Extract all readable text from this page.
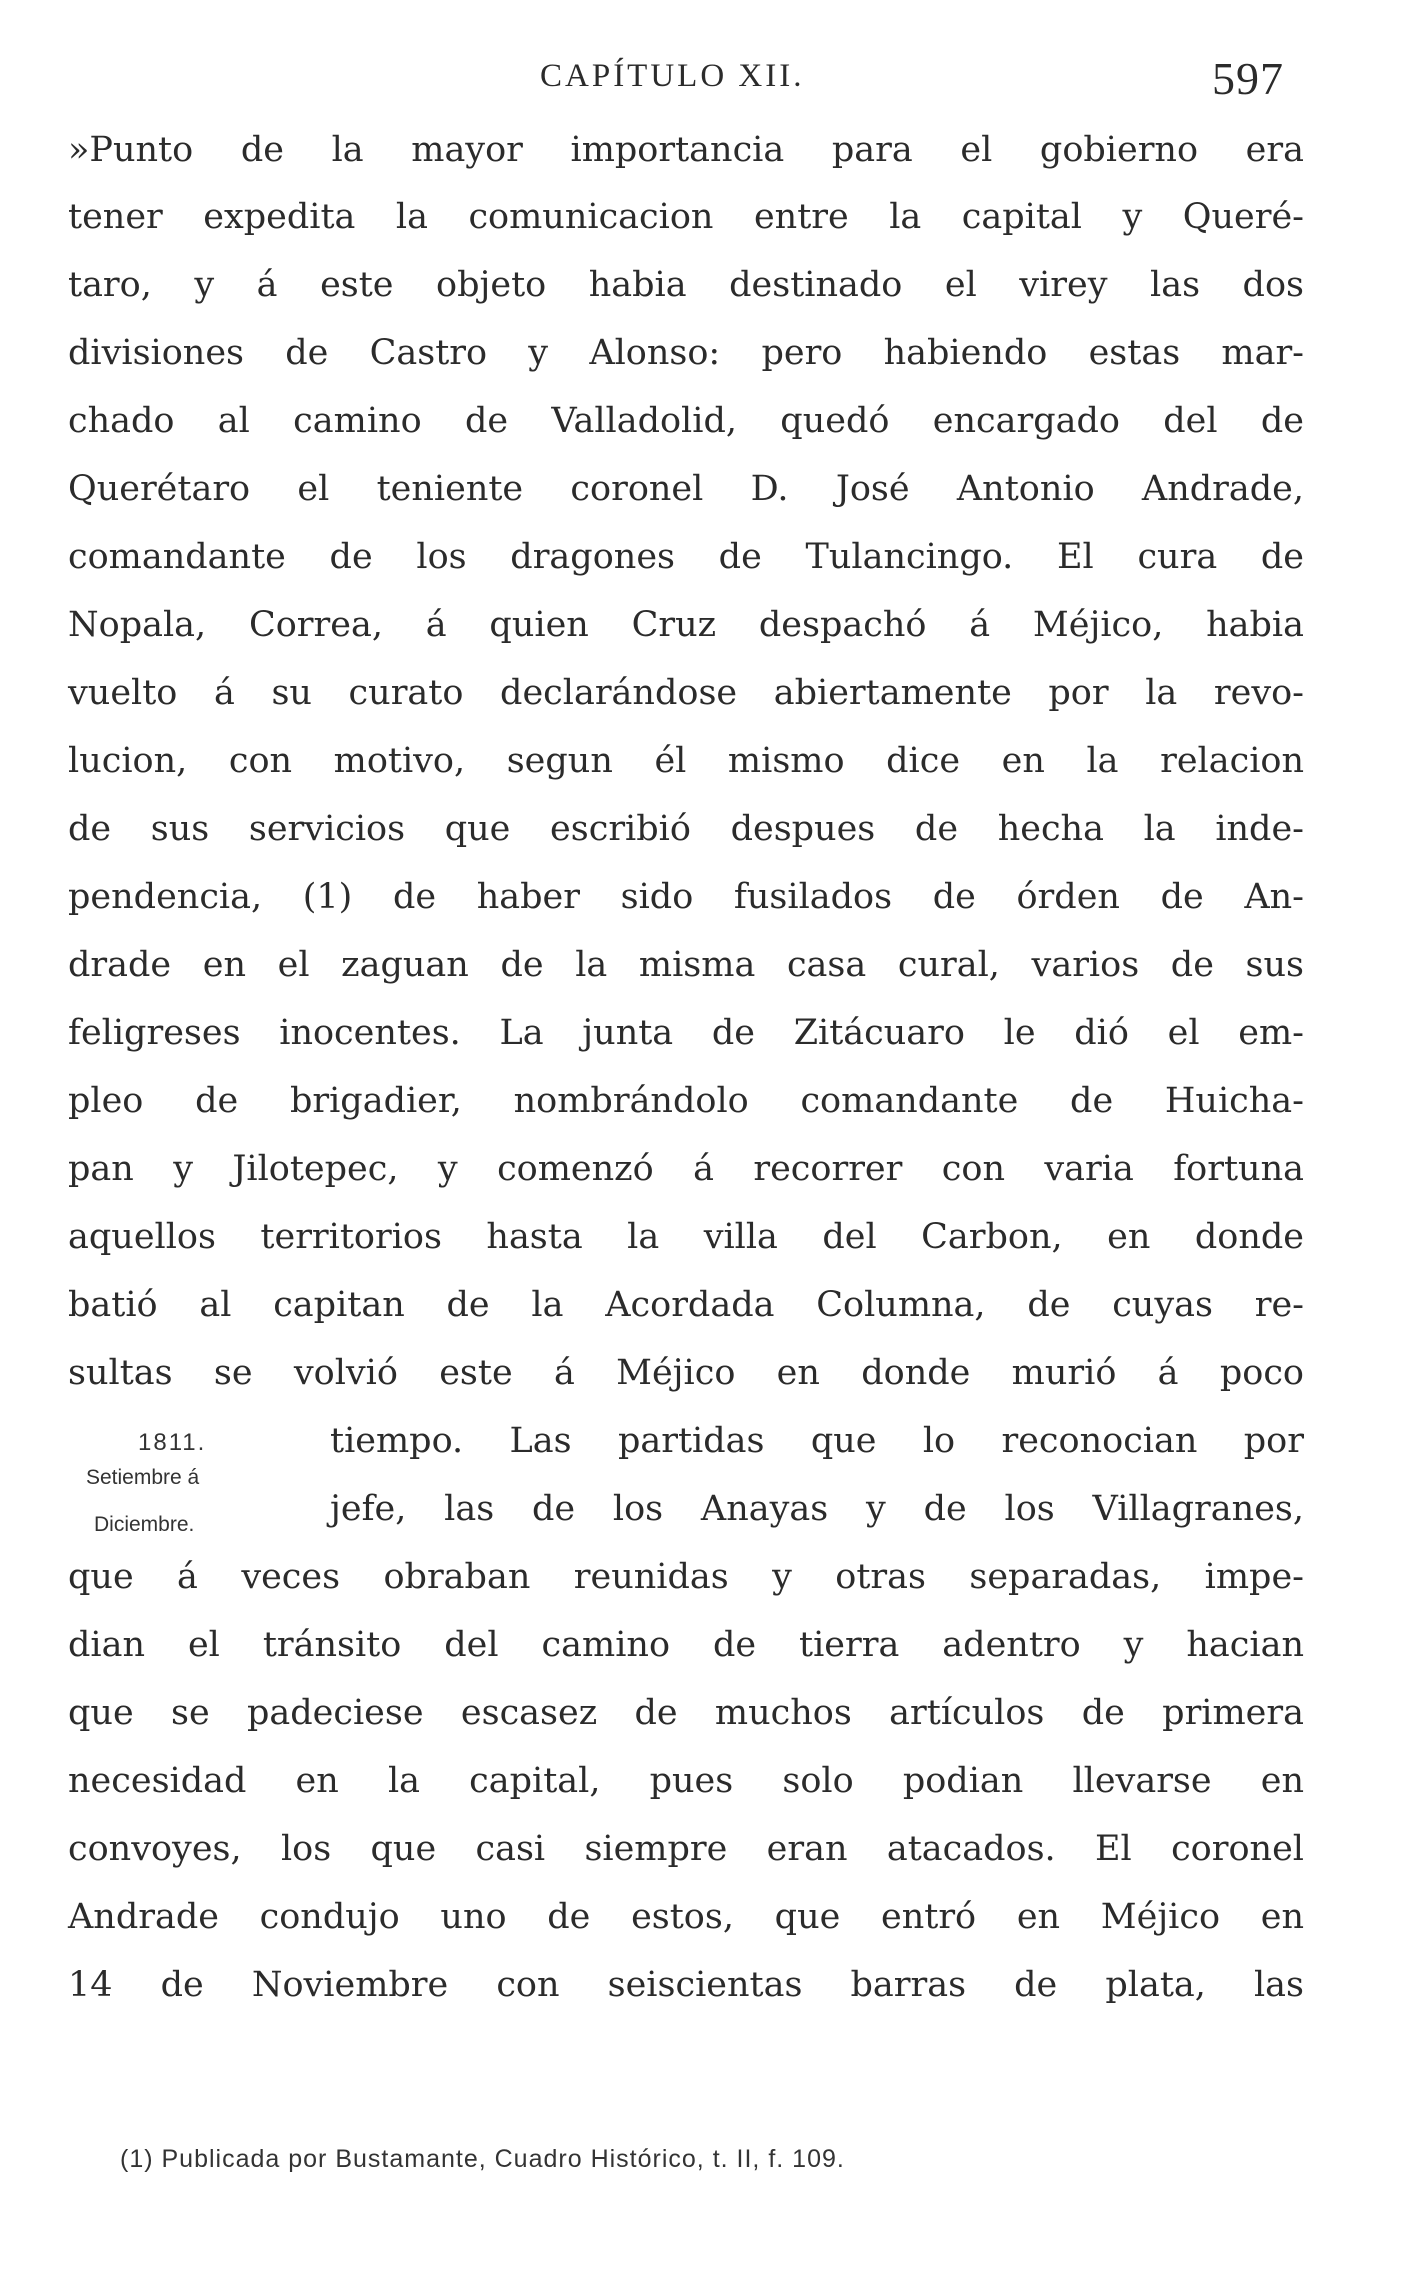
CAPÍTULO XII.	597
»Punto de la mayor importancia para el gobierno era
tener expedita la comunicacion entre la capital y Queré-
taro, y á este objeto habia destinado el virey las dos
divisiones de Castro y Alonso: pero habiendo estas mar-
chado al camino de Valladolid, quedó encargado del de
Querétaro el teniente coronel D. José Antonio Andrade,
comandante de los dragones de Tulancingo. El cura de
Nopala, Correa, á quien Cruz despachó á Méjico, habia
vuelto á su curato declarándose abiertamente por la revo-
lucion, con motivo, segun él mismo dice en la relacion
de sus servicios que escribió despues de hecha la inde-
pendencia, (1) de haber sido fusilados de órden de An-
drade en el zaguan de la misma casa cural, varios de sus
feligreses inocentes. La junta de Zitácuaro le dió el em-
pleo de brigadier, nombrándolo comandante de Huicha-
pan y Jilotepec, y comenzó á recorrer con varia fortuna
aquellos territorios hasta la villa del Carbon, en donde
batió al capitan de la Acordada Columna, de cuyas re-
sultas se volvió este á Méjico en donde murió á poco
tiempo. Las partidas que lo reconocian por
jefe, las de los Anayas y de los Villagranes,
que á veces obraban reunidas y otras separadas, impe-
dian el tránsito del camino de tierra adentro y hacian
que se padeciese escasez de muchos artículos de primera
necesidad en la capital, pues solo podian llevarse en
convoyes, los que casi siempre eran atacados. El coronel
Andrade condujo uno de estos, que entró en Méjico en
14 de Noviembre con seiscientas barras de plata, las
1811.
Setiembre á
Diciembre.
(1) Publicada por Bustamante, Cuadro Histórico, t. II, f. 109.
